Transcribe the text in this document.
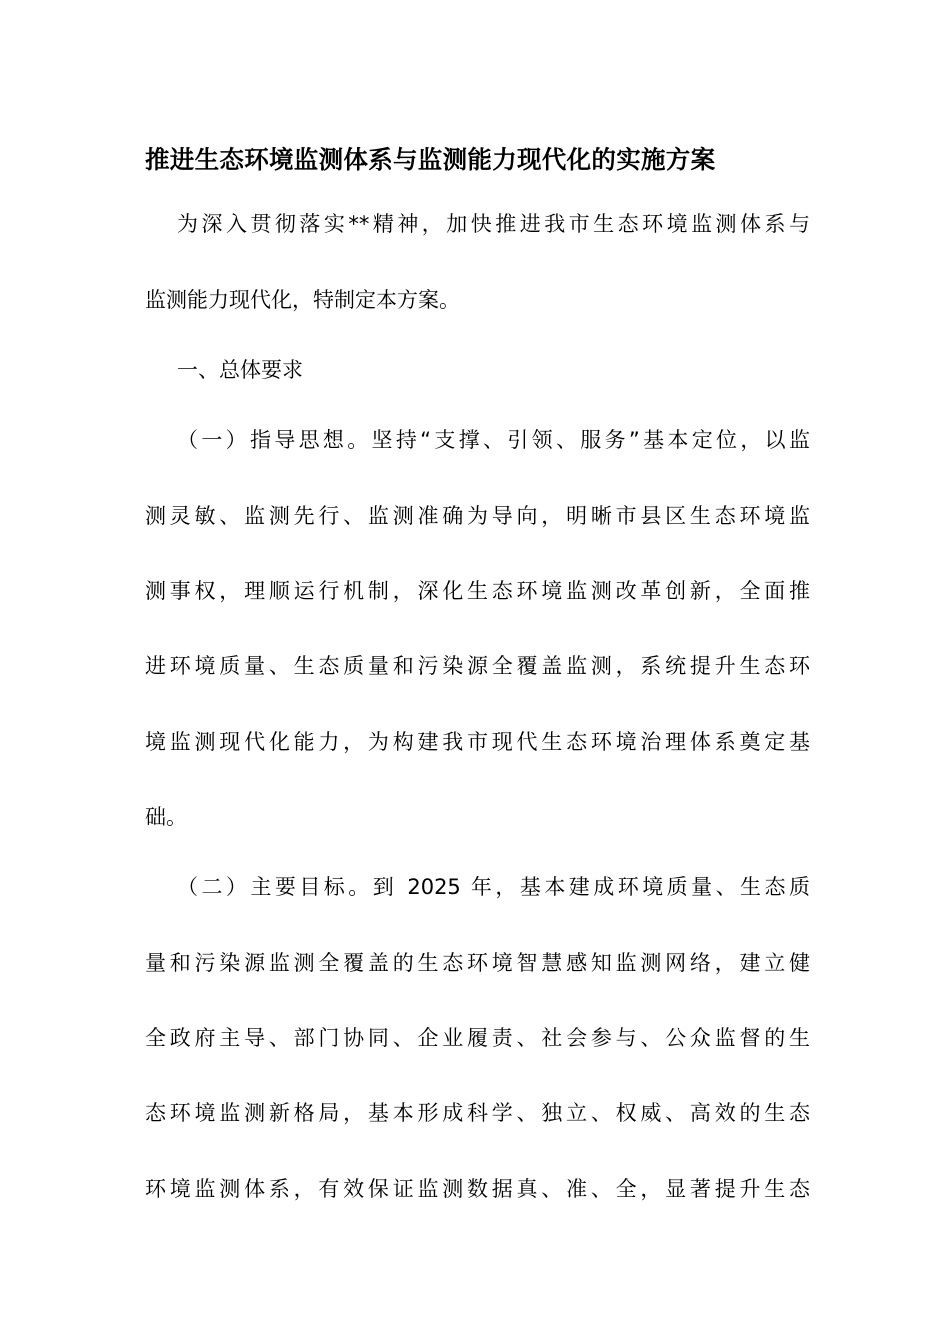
推进生态环境监测体系与监测能力现代化的实施方案
为深入贯彻落实**精神，加快推进我市生态环境监测体系与
监测能力现代化，特制定本方案。
一、总体要求
（一）指导思想。坚持“支撑、引领、服务”基本定位，以监
测灵敏、监测先行、监测准确为导向，明晰市县区生态环境监
测事权，理顺运行机制，深化生态环境监测改革创新，全面推
进环境质量、生态质量和污染源全覆盖监测，系统提升生态环
境监测现代化能力，为构建我市现代生态环境治理体系奠定基
础。
（二）主要目标。到 2025 年，基本建成环境质量、生态质
量和污染源监测全覆盖的生态环境智慧感知监测网络，建立健
全政府主导、部门协同、企业履责、社会参与、公众监督的生
态环境监测新格局，基本形成科学、独立、权威、高效的生态
环境监测体系，有效保证监测数据真、准、全，显著提升生态
